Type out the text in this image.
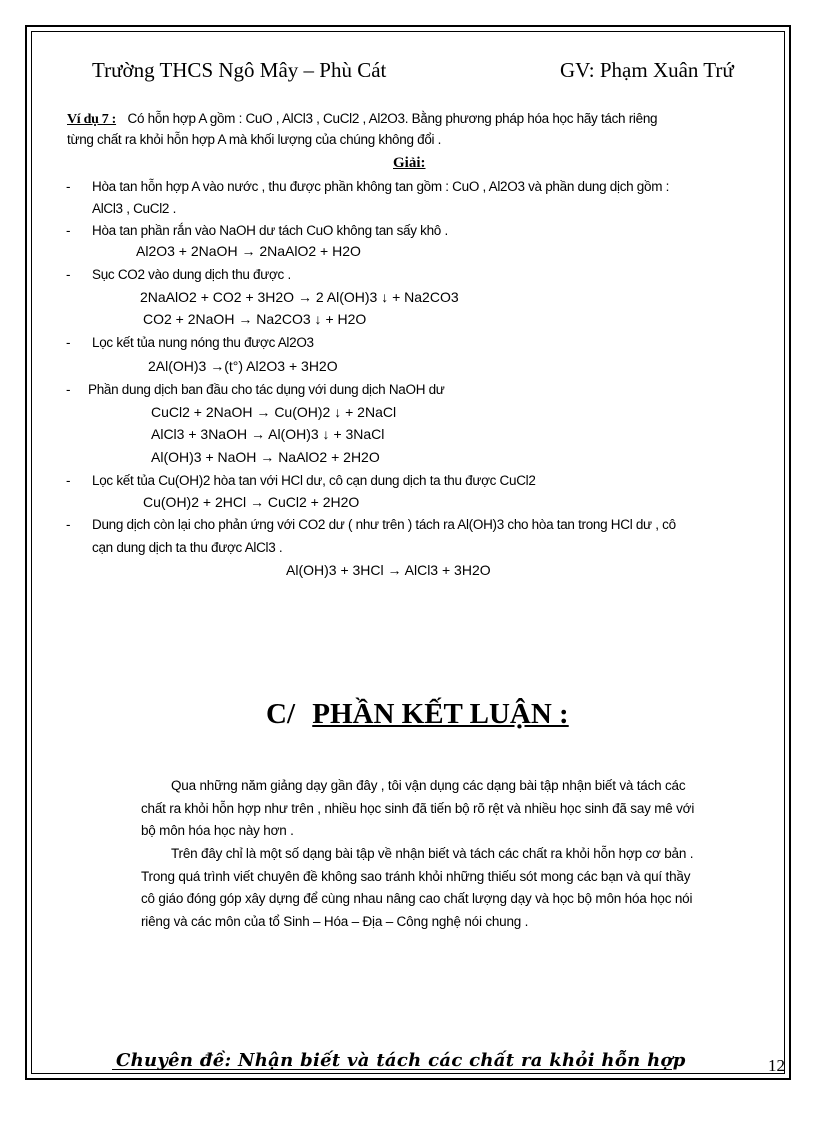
Trường THCS Ngô Mây – Phù Cát	GV: Phạm Xuân Trứ
Ví dụ 7 : Có hỗn hợp A gồm : CuO , AlCl3 , CuCl2 , Al2O3. Bằng phương pháp hóa học hãy tách riêng
từng chất ra khỏi hỗn hợp A mà khối lượng của chúng không đổi .
Giải:
- Hòa tan hỗn hợp A vào nước , thu được phần không tan gồm : CuO , Al2O3 và phần dung dịch gồm :
AlCl3 , CuCl2 .
- Hòa tan phần rắn vào NaOH dư tách CuO không tan sấy khô .
Al2O3 + 2NaOH → 2NaAlO2 + H2O
- Sục CO2 vào dung dịch thu được .
2NaAlO2 + CO2 + 3H2O → 2 Al(OH)3 ↓ + Na2CO3
CO2 + 2NaOH → Na2CO3 ↓ + H2O
- Lọc kết tủa nung nóng thu được Al2O3
2Al(OH)3 →(t°) Al2O3 + 3H2O
- Phần dung dịch ban đầu cho tác dụng với dung dịch NaOH dư
CuCl2 + 2NaOH → Cu(OH)2 ↓ + 2NaCl
AlCl3 + 3NaOH → Al(OH)3 ↓ + 3NaCl
Al(OH)3 + NaOH → NaAlO2 + 2H2O
- Lọc kết tủa Cu(OH)2 hòa tan với HCl dư, cô cạn dung dịch ta thu được CuCl2
Cu(OH)2 + 2HCl → CuCl2 + 2H2O
- Dung dịch còn lại cho phản ứng với CO2 dư ( như trên ) tách ra Al(OH)3 cho hòa tan trong HCl dư , cô
cạn dung dịch ta thu được AlCl3 .
Al(OH)3 + 3HCl → AlCl3 + 3H2O
C/ PHẦN KẾT LUẬN :
Qua những năm giảng dạy gần đây , tôi vận dụng các dạng bài tập nhận biết và tách các chất ra khỏi hỗn hợp như trên , nhiều học sinh đã tiến bộ rõ rệt và nhiều học sinh đã say mê với bộ môn hóa học này hơn .
Trên đây chỉ là một số dạng bài tập về nhận biết và tách các chất ra khỏi hỗn hợp cơ bản . Trong quá trình viết chuyên đề không sao tránh khỏi những thiếu sót mong các bạn và quí thầy cô giáo đóng góp xây dựng để cùng nhau nâng cao chất lượng dạy và học bộ môn hóa học nói riêng và các môn của tổ Sinh – Hóa – Địa – Công nghệ nói chung .
Chuyên đề: Nhận biết và tách các chất ra khỏi hỗn hợp	12
